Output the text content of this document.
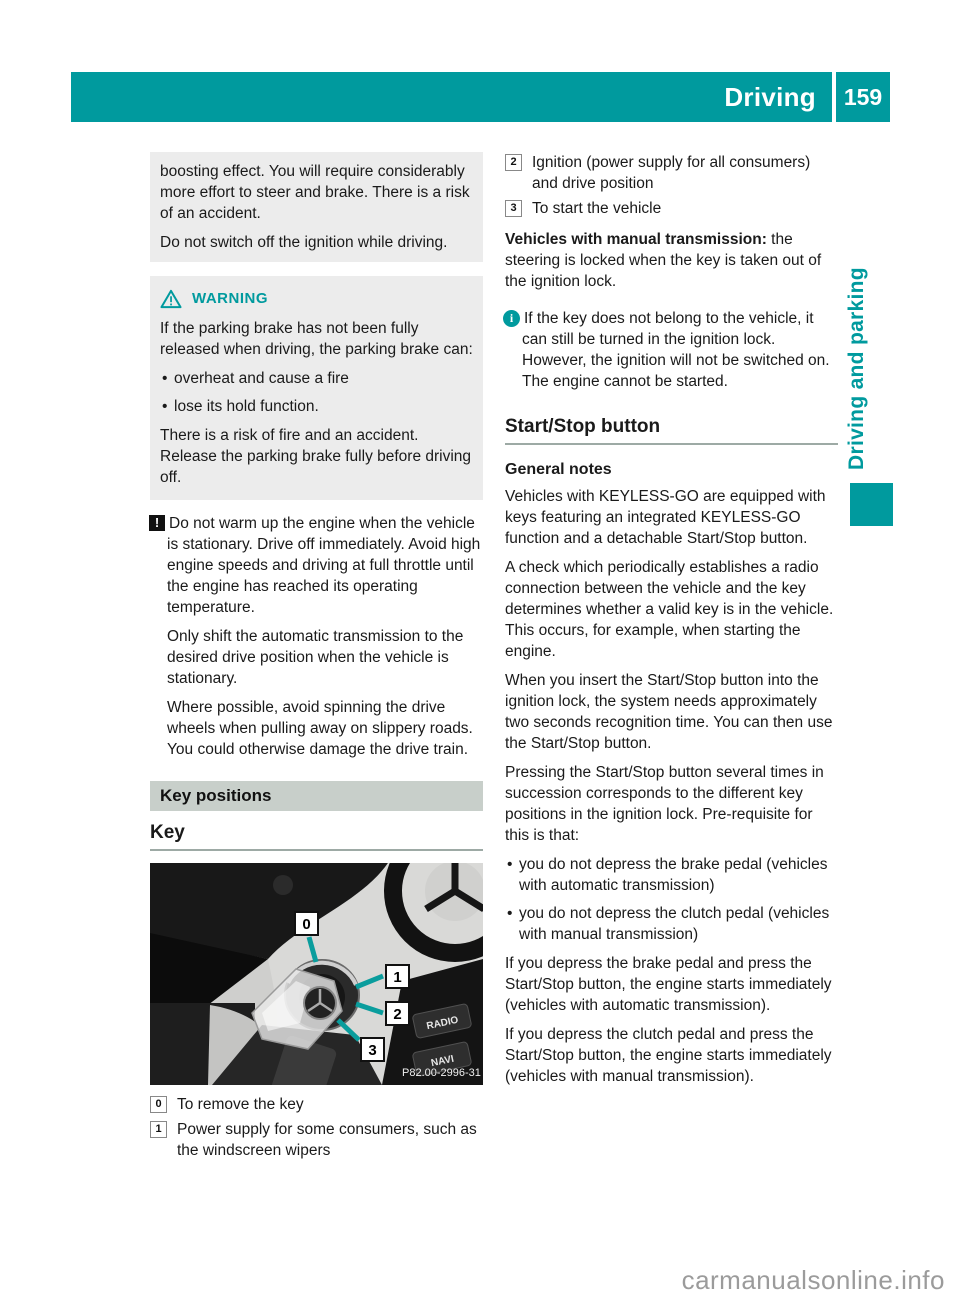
Driving	159

boosting effect. You will require considerably more effort to steer and brake. There is a risk of an accident.

Do not switch off the ignition while driving.

WARNING

If the parking brake has not been fully released when driving, the parking brake can:

• overheat and cause a fire
• lose its hold function.

There is a risk of fire and an accident. Release the parking brake fully before driving off.

! Do not warm up the engine when the vehicle is stationary. Drive off immediately. Avoid high engine speeds and driving at full throttle until the engine has reached its operating temperature.

Only shift the automatic transmission to the desired drive position when the vehicle is stationary.

Where possible, avoid spinning the drive wheels when pulling away on slippery roads. You could otherwise damage the drive train.

Key positions
Key
RADIO
NAVI
0
1
2
3
P82.00-2996-31
0 To remove the key
1 Power supply for some consumers, such as the windscreen wipers
2 Ignition (power supply for all consumers) and drive position
3 To start the vehicle

Vehicles with manual transmission: the steering is locked when the key is taken out of the ignition lock.

i If the key does not belong to the vehicle, it can still be turned in the ignition lock. However, the ignition will not be switched on. The engine cannot be started.

Start/Stop button
General notes

Vehicles with KEYLESS-GO are equipped with keys featuring an integrated KEYLESS-GO function and a detachable Start/Stop button.

A check which periodically establishes a radio connection between the vehicle and the key determines whether a valid key is in the vehicle. This occurs, for example, when starting the engine.

When you insert the Start/Stop button into the ignition lock, the system needs approximately two seconds recognition time. You can then use the Start/Stop button.

Pressing the Start/Stop button several times in succession corresponds to the different key positions in the ignition lock. Pre-requisite for this is that:

• you do not depress the brake pedal (vehicles with automatic transmission)
• you do not depress the clutch pedal (vehicles with manual transmission)

If you depress the brake pedal and press the Start/Stop button, the engine starts immediately (vehicles with automatic transmission).

If you depress the clutch pedal and press the Start/Stop button, the engine starts immediately (vehicles with manual transmission).

Driving and parking
carmanualsonline.info
